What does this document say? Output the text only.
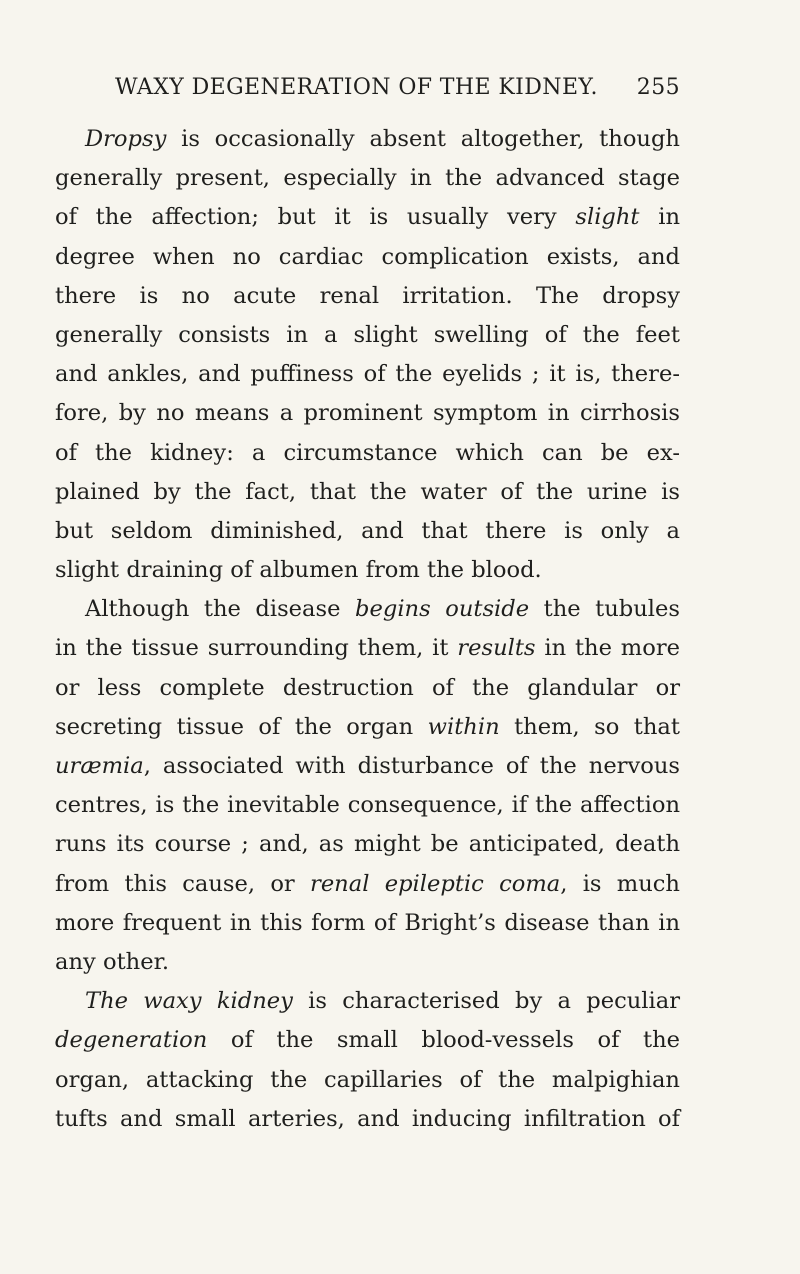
WAXY DEGENERATION OF THE KIDNEY. 255
Dropsy is occasionally absent altogether, though
generally present, especially in the advanced stage
of the affection; but it is usually very slight in
degree when no cardiac complication exists, and
there is no acute renal irritation. The dropsy
generally consists in a slight swelling of the feet
and ankles, and puffiness of the eyelids ; it is, there-
fore, by no means a prominent symptom in cirrhosis
of the kidney: a circumstance which can be ex-
plained by the fact, that the water of the urine is
but seldom diminished, and that there is only a
slight draining of albumen from the blood.
Although the disease begins outside the tubules
in the tissue surrounding them, it results in the more
or less complete destruction of the glandular or
secreting tissue of the organ within them, so that
uræmia, associated with disturbance of the nervous
centres, is the inevitable consequence, if the affection
runs its course ; and, as might be anticipated, death
from this cause, or renal epileptic coma, is much
more frequent in this form of Bright’s disease than in
any other.
The waxy kidney is characterised by a peculiar
degeneration of the small blood-vessels of the
organ, attacking the capillaries of the malpighian
tufts and small arteries, and inducing infiltration of
